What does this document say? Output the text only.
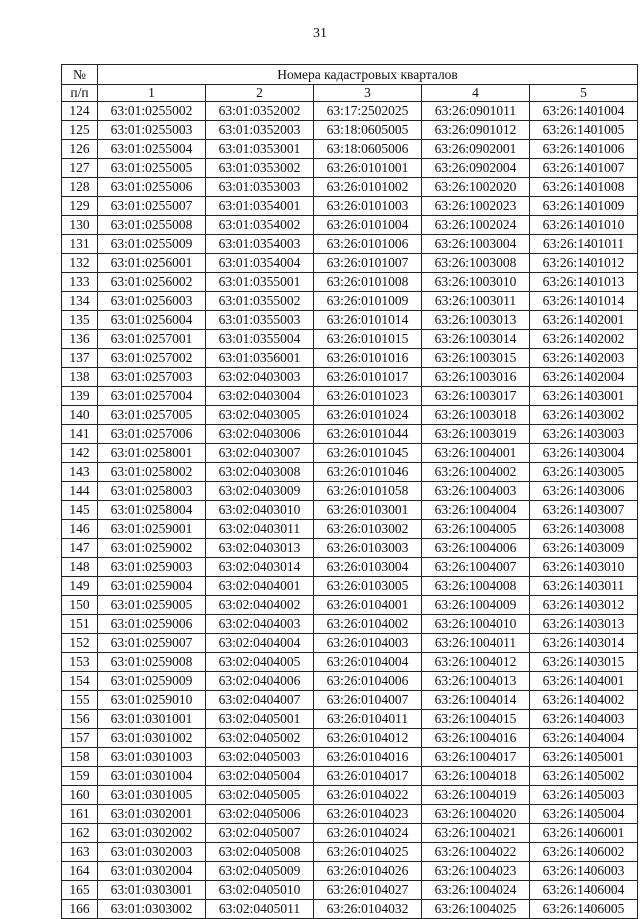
31
№	Номера кадастровых кварталов				
п/п	1	2	3	4	5
124	63:01:0255002	63:01:0352002	63:17:2502025	63:26:0901011	63:26:1401004
125	63:01:0255003	63:01:0352003	63:18:0605005	63:26:0901012	63:26:1401005
126	63:01:0255004	63:01:0353001	63:18:0605006	63:26:0902001	63:26:1401006
127	63:01:0255005	63:01:0353002	63:26:0101001	63:26:0902004	63:26:1401007
128	63:01:0255006	63:01:0353003	63:26:0101002	63:26:1002020	63:26:1401008
129	63:01:0255007	63:01:0354001	63:26:0101003	63:26:1002023	63:26:1401009
130	63:01:0255008	63:01:0354002	63:26:0101004	63:26:1002024	63:26:1401010
131	63:01:0255009	63:01:0354003	63:26:0101006	63:26:1003004	63:26:1401011
132	63:01:0256001	63:01:0354004	63:26:0101007	63:26:1003008	63:26:1401012
133	63:01:0256002	63:01:0355001	63:26:0101008	63:26:1003010	63:26:1401013
134	63:01:0256003	63:01:0355002	63:26:0101009	63:26:1003011	63:26:1401014
135	63:01:0256004	63:01:0355003	63:26:0101014	63:26:1003013	63:26:1402001
136	63:01:0257001	63:01:0355004	63:26:0101015	63:26:1003014	63:26:1402002
137	63:01:0257002	63:01:0356001	63:26:0101016	63:26:1003015	63:26:1402003
138	63:01:0257003	63:02:0403003	63:26:0101017	63:26:1003016	63:26:1402004
139	63:01:0257004	63:02:0403004	63:26:0101023	63:26:1003017	63:26:1403001
140	63:01:0257005	63:02:0403005	63:26:0101024	63:26:1003018	63:26:1403002
141	63:01:0257006	63:02:0403006	63:26:0101044	63:26:1003019	63:26:1403003
142	63:01:0258001	63:02:0403007	63:26:0101045	63:26:1004001	63:26:1403004
143	63:01:0258002	63:02:0403008	63:26:0101046	63:26:1004002	63:26:1403005
144	63:01:0258003	63:02:0403009	63:26:0101058	63:26:1004003	63:26:1403006
145	63:01:0258004	63:02:0403010	63:26:0103001	63:26:1004004	63:26:1403007
146	63:01:0259001	63:02:0403011	63:26:0103002	63:26:1004005	63:26:1403008
147	63:01:0259002	63:02:0403013	63:26:0103003	63:26:1004006	63:26:1403009
148	63:01:0259003	63:02:0403014	63:26:0103004	63:26:1004007	63:26:1403010
149	63:01:0259004	63:02:0404001	63:26:0103005	63:26:1004008	63:26:1403011
150	63:01:0259005	63:02:0404002	63:26:0104001	63:26:1004009	63:26:1403012
151	63:01:0259006	63:02:0404003	63:26:0104002	63:26:1004010	63:26:1403013
152	63:01:0259007	63:02:0404004	63:26:0104003	63:26:1004011	63:26:1403014
153	63:01:0259008	63:02:0404005	63:26:0104004	63:26:1004012	63:26:1403015
154	63:01:0259009	63:02:0404006	63:26:0104006	63:26:1004013	63:26:1404001
155	63:01:0259010	63:02:0404007	63:26:0104007	63:26:1004014	63:26:1404002
156	63:01:0301001	63:02:0405001	63:26:0104011	63:26:1004015	63:26:1404003
157	63:01:0301002	63:02:0405002	63:26:0104012	63:26:1004016	63:26:1404004
158	63:01:0301003	63:02:0405003	63:26:0104016	63:26:1004017	63:26:1405001
159	63:01:0301004	63:02:0405004	63:26:0104017	63:26:1004018	63:26:1405002
160	63:01:0301005	63:02:0405005	63:26:0104022	63:26:1004019	63:26:1405003
161	63:01:0302001	63:02:0405006	63:26:0104023	63:26:1004020	63:26:1405004
162	63:01:0302002	63:02:0405007	63:26:0104024	63:26:1004021	63:26:1406001
163	63:01:0302003	63:02:0405008	63:26:0104025	63:26:1004022	63:26:1406002
164	63:01:0302004	63:02:0405009	63:26:0104026	63:26:1004023	63:26:1406003
165	63:01:0303001	63:02:0405010	63:26:0104027	63:26:1004024	63:26:1406004
166	63:01:0303002	63:02:0405011	63:26:0104032	63:26:1004025	63:26:1406005
